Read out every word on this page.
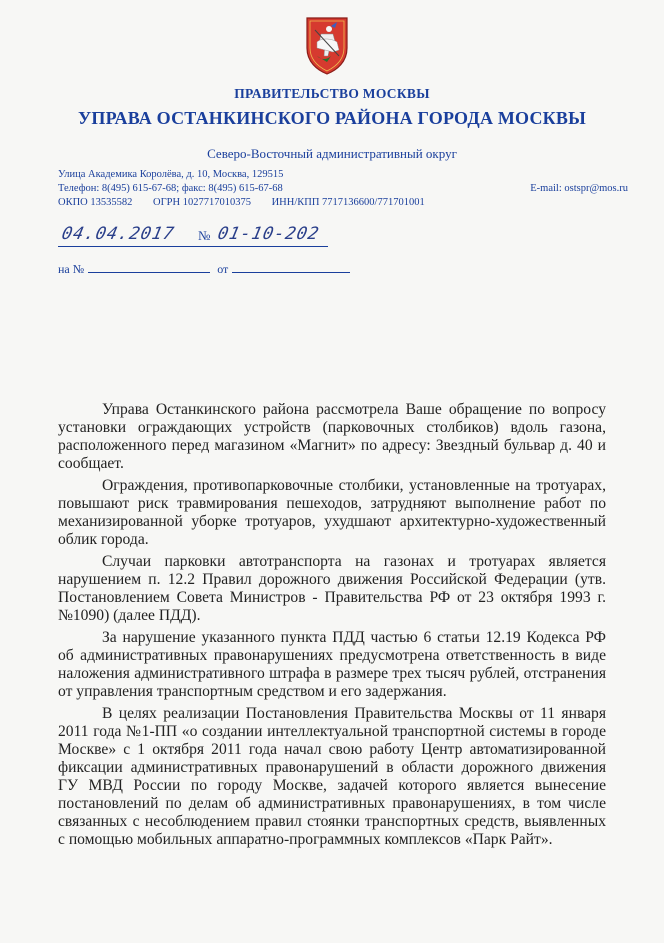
ПРАВИТЕЛЬСТВО МОСКВЫ
УПРАВА ОСТАНКИНСКОГО РАЙОНА ГОРОДА МОСКВЫ
Северо-Восточный административный округ
Улица Академика Королёва, д. 10, Москва, 129515
Телефон: 8(495) 615-67-68; факс: 8(495) 615-67-68	E-mail: ostspr@mos.ru
ОКПО 13535582 ОГРН 1027717010375 ИНН/КПП 7717136600/771701001
04.04.2017 № 01-10-202
на №	от

Управа Останкинского района рассмотрела Ваше обращение по вопросу установки ограждающих устройств (парковочных столбиков) вдоль газона, расположенного перед магазином «Магнит» по адресу: Звездный бульвар д. 40 и сообщает.

Ограждения, противопарковочные столбики, установленные на тротуарах, повышают риск травмирования пешеходов, затрудняют выполнение работ по механизированной уборке тротуаров, ухудшают архитектурно-художественный облик города.

Случаи парковки автотранспорта на газонах и тротуарах является нарушением п. 12.2 Правил дорожного движения Российской Федерации (утв. Постановлением Совета Министров - Правительства РФ от 23 октября 1993 г. №1090) (далее ПДД).

За нарушение указанного пункта ПДД частью 6 статьи 12.19 Кодекса РФ об административных правонарушениях предусмотрена ответственность в виде наложения административного штрафа в размере трех тысяч рублей, отстранения от управления транспортным средством и его задержания.

В целях реализации Постановления Правительства Москвы от 11 января 2011 года №1-ПП «о создании интеллектуальной транспортной системы в городе Москве» с 1 октября 2011 года начал свою работу Центр автоматизированной фиксации административных правонарушений в области дорожного движения ГУ МВД России по городу Москве, задачей которого является вынесение постановлений по делам об административных правонарушениях, в том числе связанных с несоблюдением правил стоянки транспортных средств, выявленных с помощью мобильных аппаратно-программных комплексов «Парк Райт».
